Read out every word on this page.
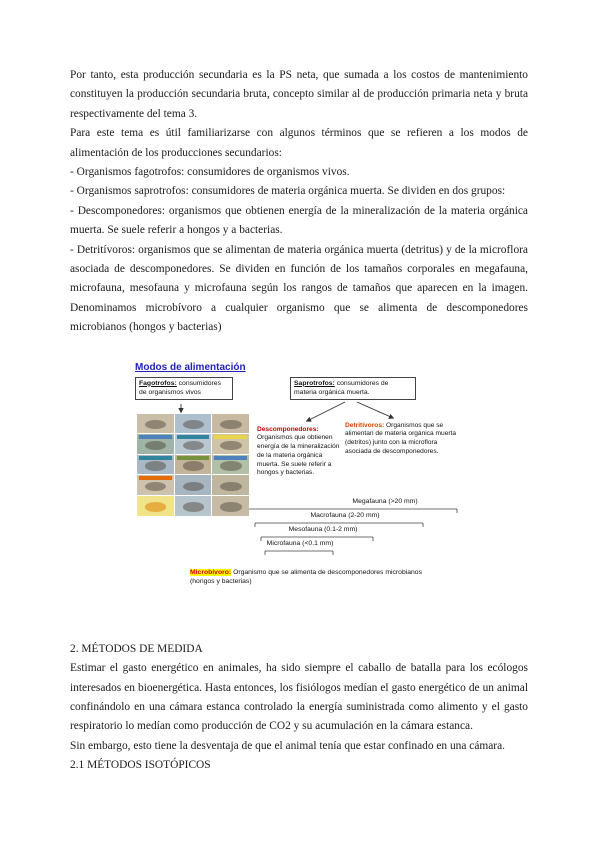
Por tanto, esta producción secundaria es la PS neta, que sumada a los costos de mantenimiento constituyen la producción secundaria bruta, concepto similar al de producción primaria neta y bruta respectivamente del tema 3.

Para este tema es útil familiarizarse con algunos términos que se refieren a los modos de alimentación de los producciones secundarios:

- Organismos fagotrofos: consumidores de organismos vivos.

- Organismos saprotrofos: consumidores de materia orgánica muerta. Se dividen en dos grupos:

- Descomponedores: organismos que obtienen energía de la mineralización de la materia orgánica muerta. Se suele referir a hongos y a bacterias.

- Detritívoros: organismos que se alimentan de materia orgánica muerta (detritus) y de la microflora asociada de descomponedores. Se dividen en función de los tamaños corporales en megafauna, microfauna, mesofauna y microfauna según los rangos de tamaños que aparecen en la imagen. Denominamos microbívoro a cualquier organismo que se alimenta de descomponedores microbianos (hongos y bacterias)

Modos de alimentación
Fagotrofos: consumidores de organismos vivos
Saprotrofos: consumidores de materia orgánica muerta.
Descomponedores: Organismos que obtienen energía de la mineralización de la materia orgánica muerta. Se suele referir a hongos y bacterias.
Detritívoros: Organismos que se alimentan de materia orgánica muerta (detritos) junto con la microflora asociada de descomponedores.
Megafauna (>20 mm)
Macrofauna (2-20 mm)
Mesofauna (0.1-2 mm)
Microfauna (<0.1 mm)
Microbívoro: Organismo que se alimenta de descomponedores microbianos (hongos y bacterias)

2. MÉTODOS DE MEDIDA

Estimar el gasto energético en animales, ha sido siempre el caballo de batalla para los ecólogos interesados en bioenergética. Hasta entonces, los fisiólogos medían el gasto energético de un animal confinándolo en una cámara estanca controlado la energía suministrada como alimento y el gasto respiratorio lo medían como producción de CO2 y su acumulación en la cámara estanca.

Sin embargo, esto tiene la desventaja de que el animal tenía que estar confinado en una cámara.

2.1 MÉTODOS ISOTÓPICOS
